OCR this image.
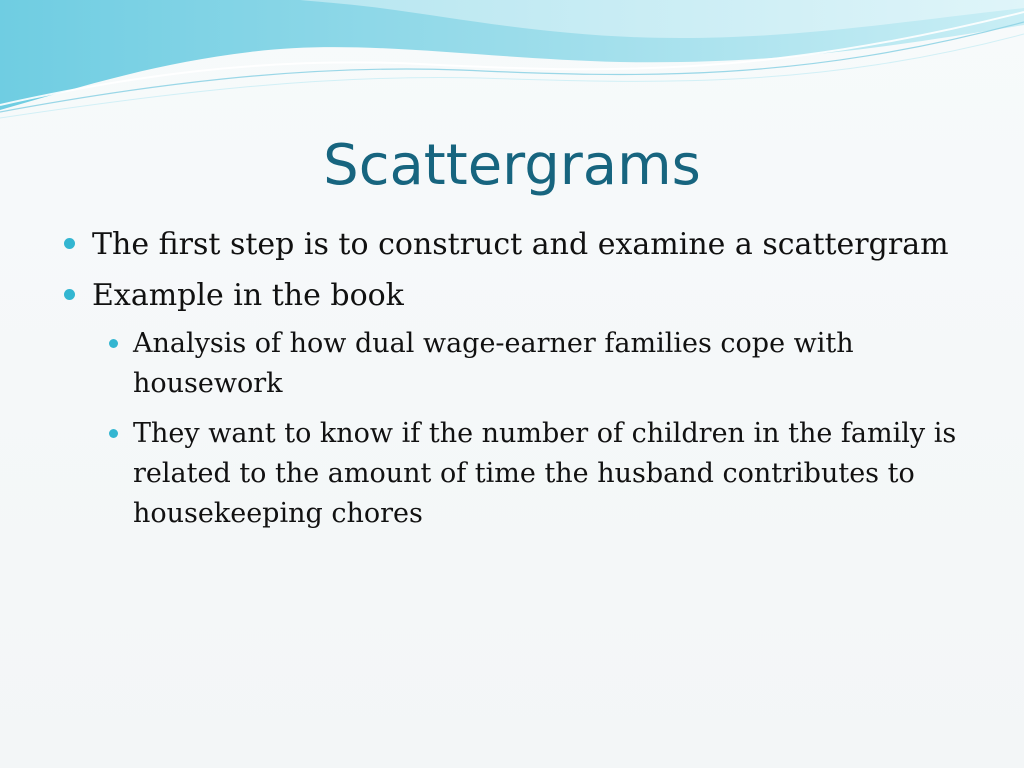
Scattergrams
The first step is to construct and examine a scattergram
Example in the book
Analysis of how dual wage-earner families cope with housework
They want to know if the number of children in the family is related to the amount of time the husband contributes to housekeeping chores
